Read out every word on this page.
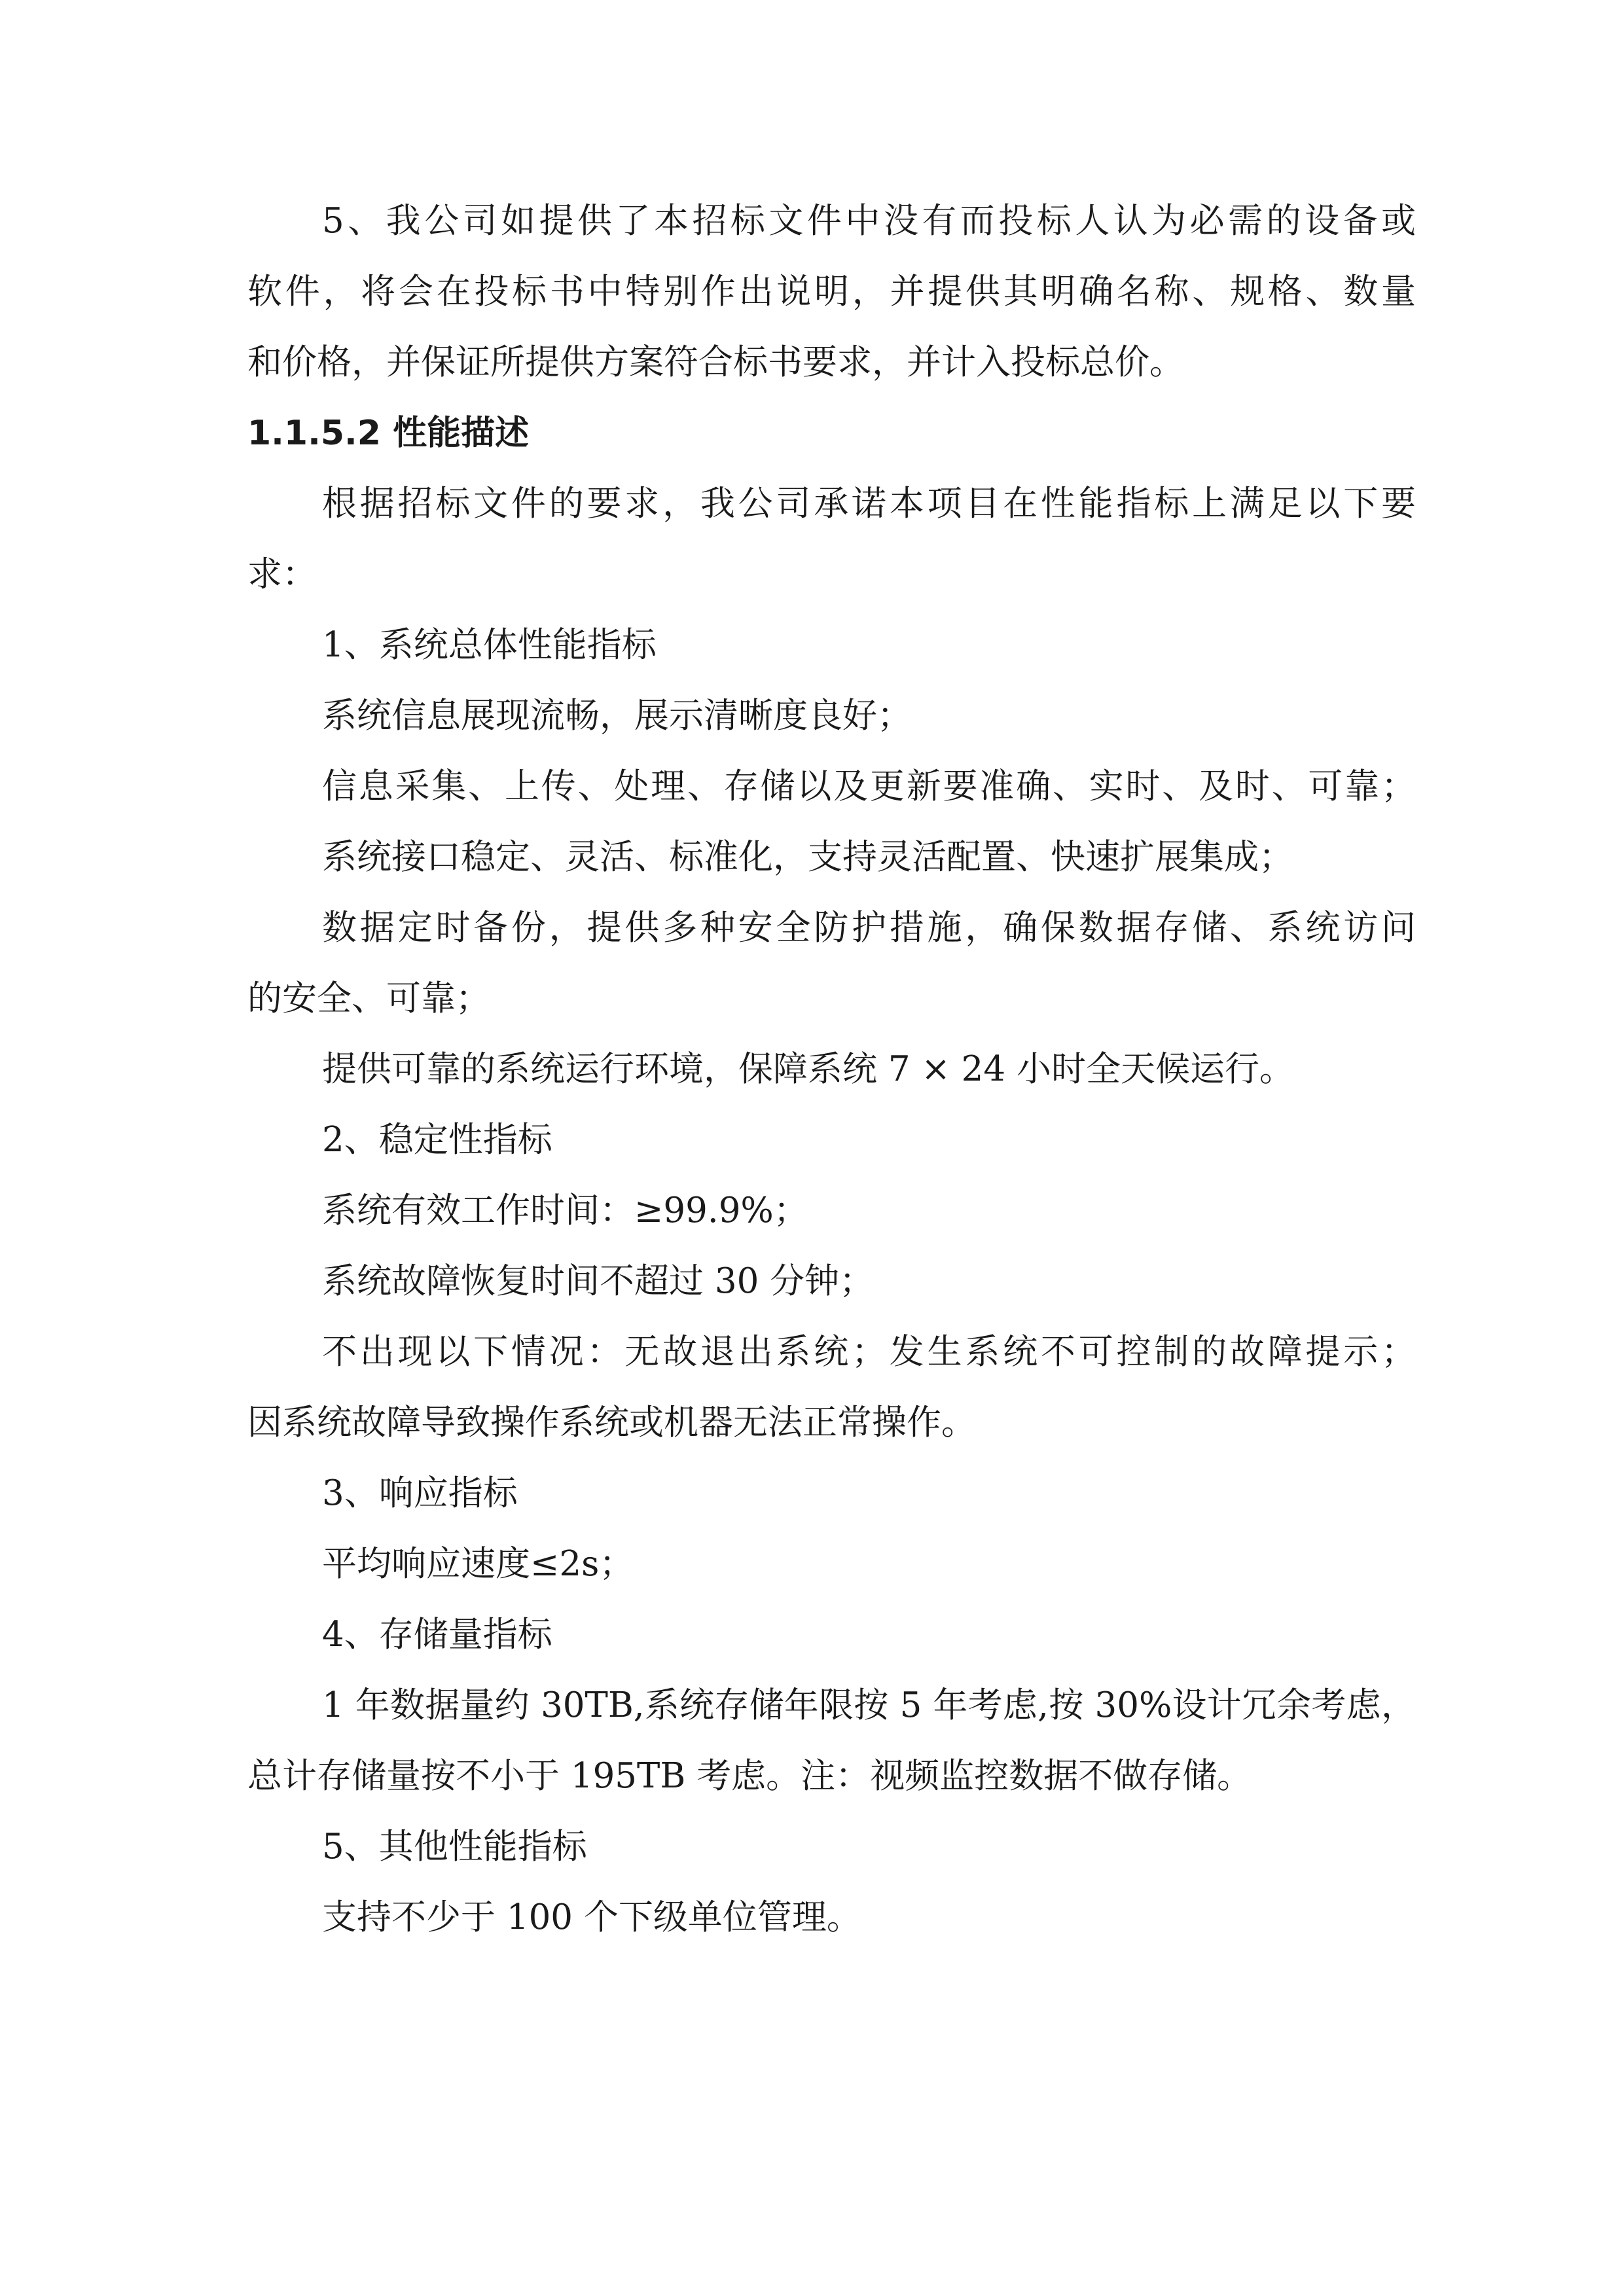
5、我公司如提供了本招标文件中没有而投标人认为必需的设备或
软件，将会在投标书中特别作出说明，并提供其明确名称、规格、数量
和价格，并保证所提供方案符合标书要求，并计入投标总价。
1.1.5.2 性能描述
根据招标文件的要求，我公司承诺本项目在性能指标上满足以下要
求：
1、系统总体性能指标
系统信息展现流畅，展示清晰度良好；
信息采集、上传、处理、存储以及更新要准确、实时、及时、可靠；
系统接口稳定、灵活、标准化，支持灵活配置、快速扩展集成；
数据定时备份，提供多种安全防护措施，确保数据存储、系统访问
的安全、可靠；
提供可靠的系统运行环境，保障系统 7 × 24 小时全天候运行。
2、稳定性指标
系统有效工作时间：≥99.9%；
系统故障恢复时间不超过 30 分钟；
不出现以下情况：无故退出系统；发生系统不可控制的故障提示；
因系统故障导致操作系统或机器无法正常操作。
3、响应指标
平均响应速度≤2s；
4、存储量指标
1 年数据量约 30TB,系统存储年限按 5 年考虑,按 30%设计冗余考虑，
总计存储量按不小于 195TB 考虑。注：视频监控数据不做存储。
5、其他性能指标
支持不少于 100 个下级单位管理。
